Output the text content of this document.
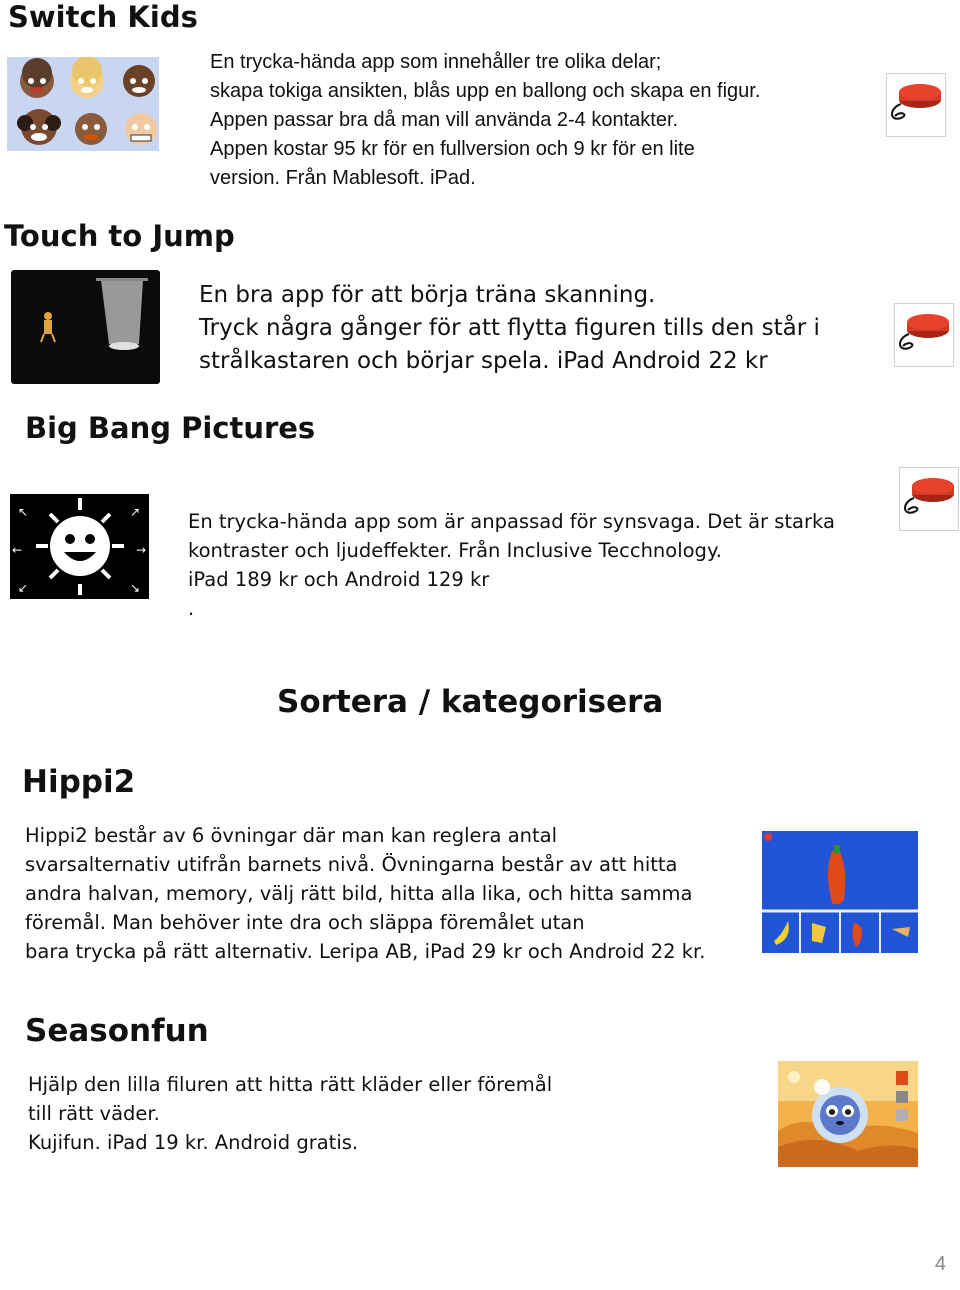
Switch Kids
En trycka-hända app som innehåller tre olika delar;
skapa tokiga ansikten, blås upp en ballong och skapa en figur.
Appen passar bra då man vill använda 2-4 kontakter.
Appen kostar 95 kr för en fullversion och 9 kr för en lite
version. Från Mablesoft. iPad.
Touch to Jump
En bra app för att börja träna skanning.
Tryck några gånger för att flytta figuren tills den står i
strålkastaren och börjar spela. iPad Android 22 kr
Big Bang Pictures
↖	↗
↙	↘
←	→
En trycka-hända app som är anpassad för synsvaga. Det är starka
kontraster och ljudeffekter. Från Inclusive Tecchnology.
iPad 189 kr och Android 129 kr
.
Sortera / kategorisera
Hippi2
Hippi2 består av 6 övningar där man kan reglera antal
svarsalternativ utifrån barnets nivå. Övningarna består av att hitta
andra halvan, memory, välj rätt bild, hitta alla lika, och hitta samma
föremål. Man behöver inte dra och släppa föremålet utan
bara trycka på rätt alternativ. Leripa AB, iPad 29 kr och Android 22 kr.
Seasonfun
Hjälp den lilla filuren att hitta rätt kläder eller föremål
till rätt väder.
Kujifun. iPad 19 kr. Android gratis.
4
